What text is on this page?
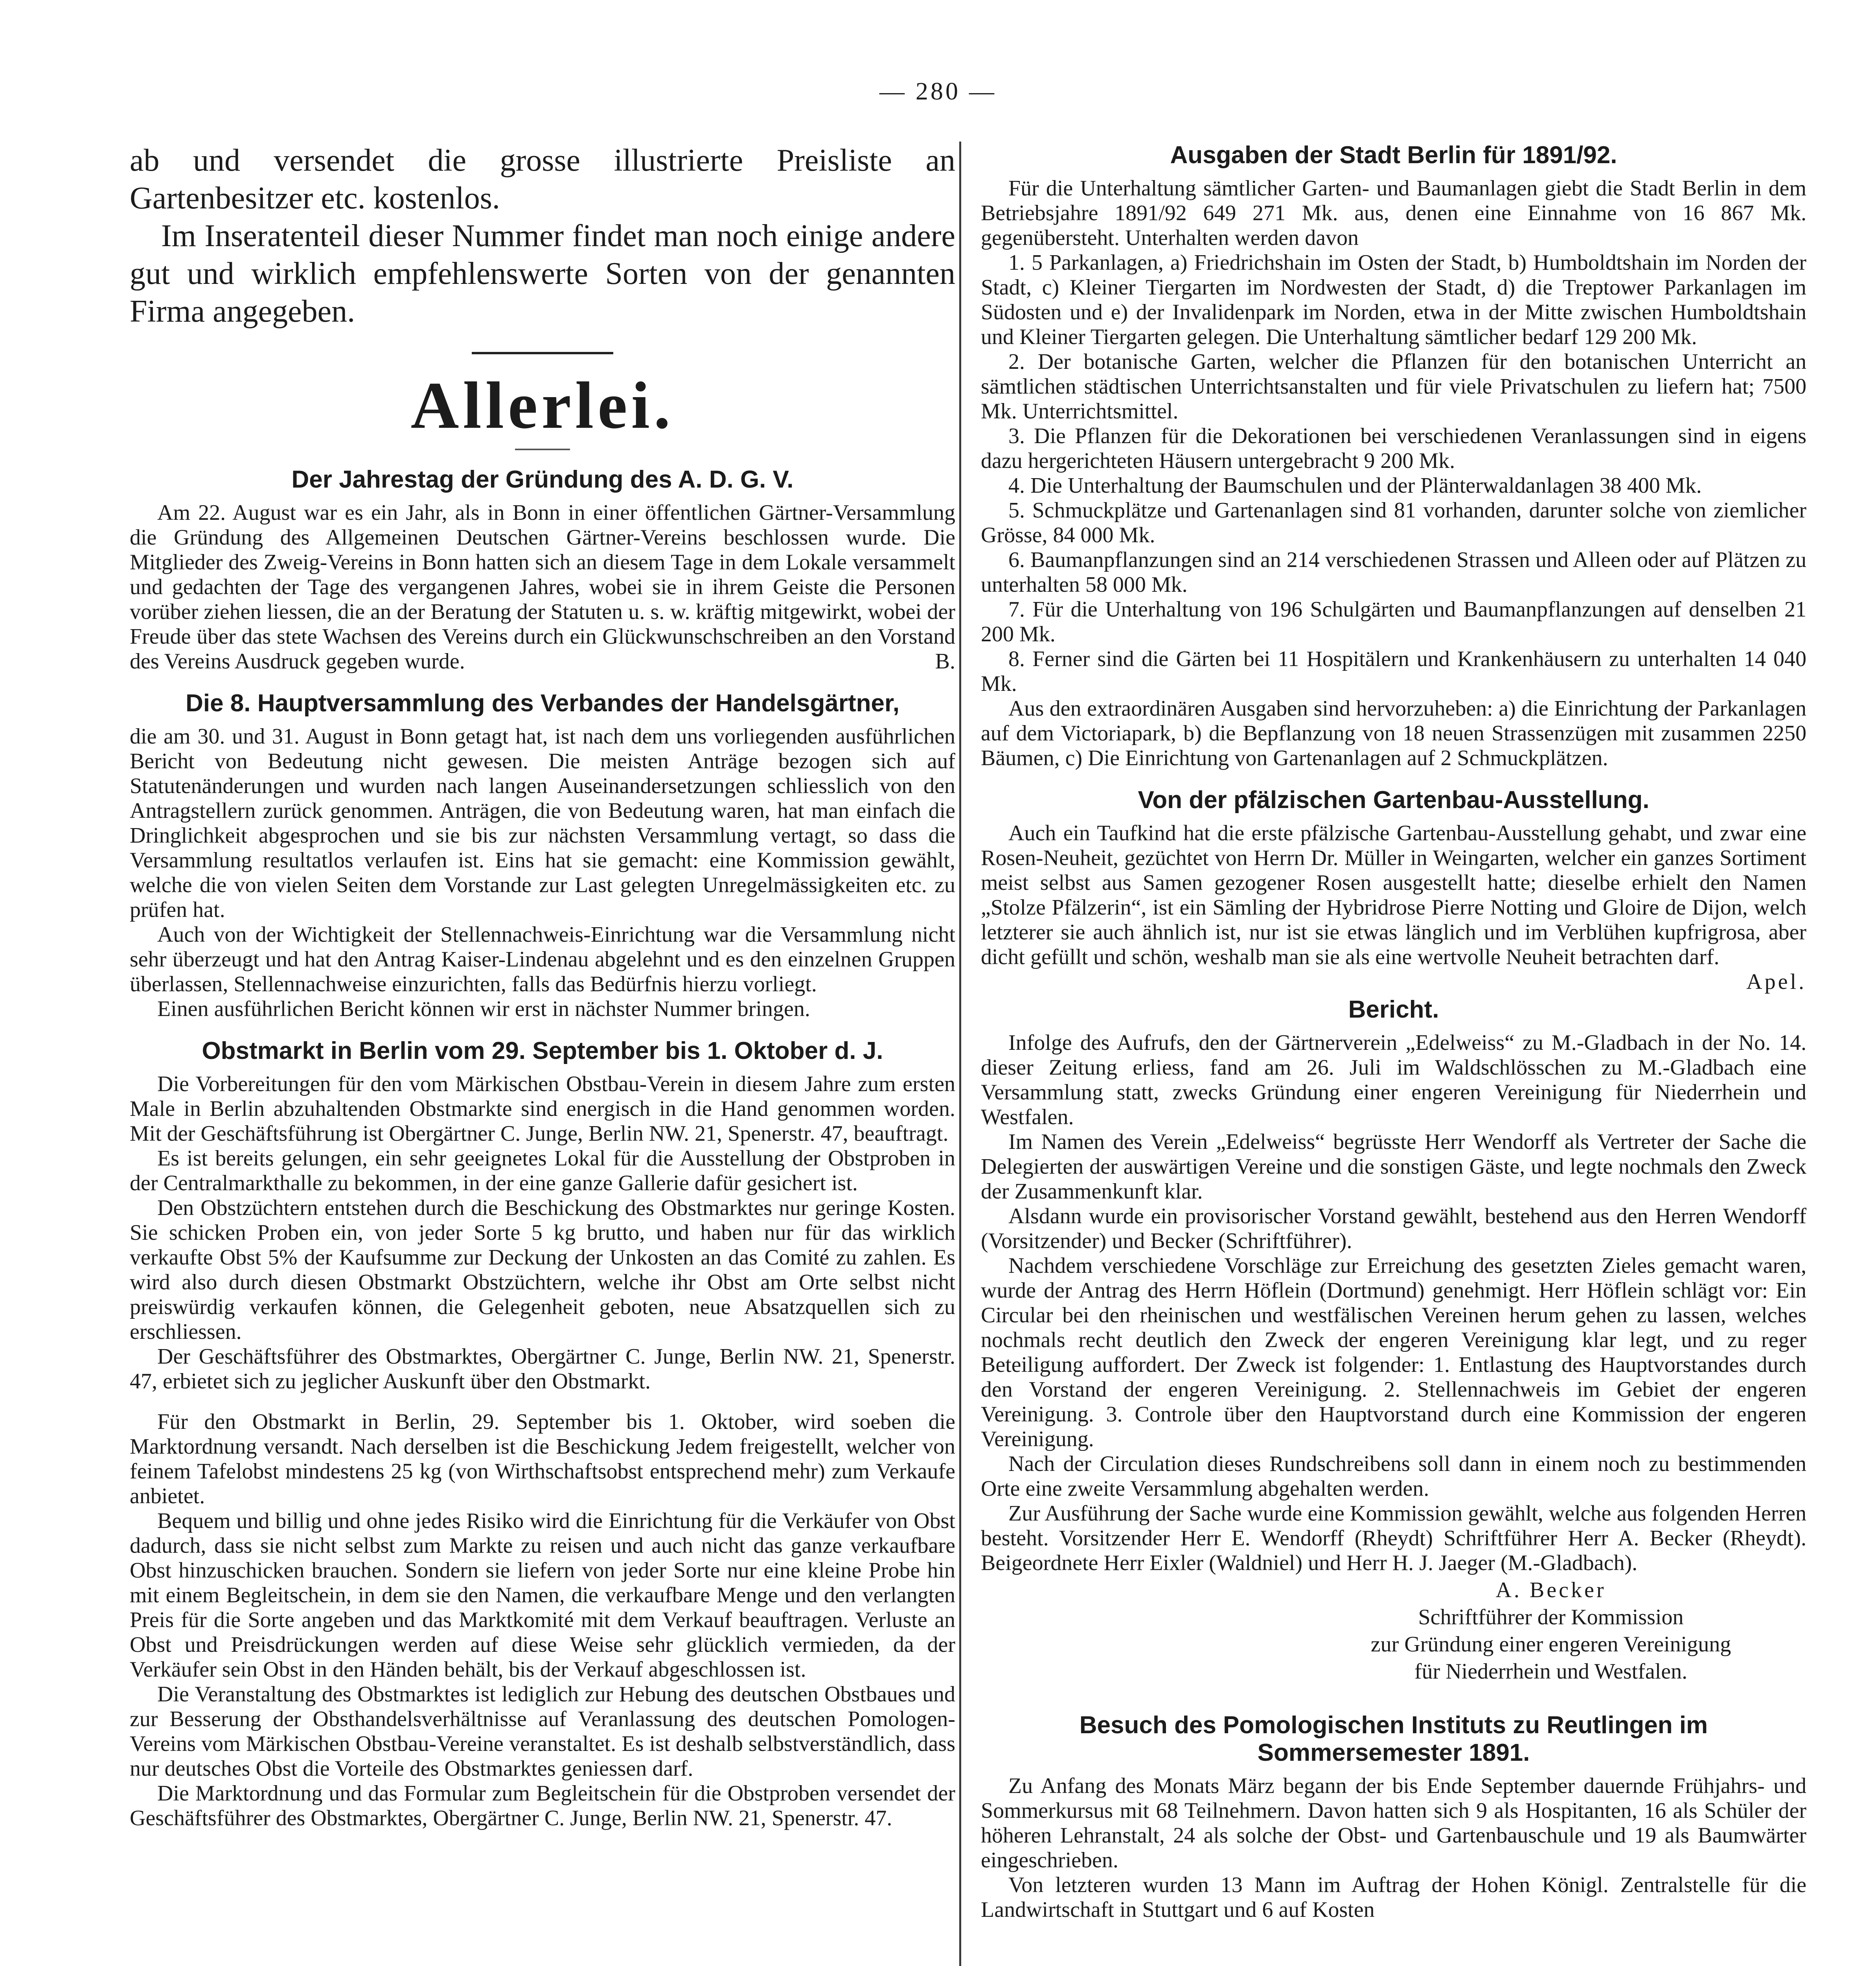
— 280 —

ab und versendet die grosse illustrierte Preisliste an Gartenbesitzer etc. kostenlos.

Im Inseratenteil dieser Nummer findet man noch einige andere gut und wirklich empfehlenswerte Sorten von der genannten Firma angegeben.

Allerlei.
Der Jahrestag der Gründung des A. D. G. V.

Am 22. August war es ein Jahr, als in Bonn in einer öffentlichen Gärtner-Versammlung die Gründung des Allgemeinen Deutschen Gärtner-Vereins beschlossen wurde. Die Mitglieder des Zweig-Vereins in Bonn hatten sich an diesem Tage in dem Lokale versammelt und gedachten der Tage des vergangenen Jahres, wobei sie in ihrem Geiste die Personen vorüber ziehen liessen, die an der Beratung der Statuten u. s. w. kräftig mitgewirkt, wobei der Freude über das stete Wachsen des Vereins durch ein Glückwunschschreiben an den Vorstand des Vereins Ausdruck gegeben wurde.	B.

Die 8. Hauptversammlung des Verbandes der Handelsgärtner,

die am 30. und 31. August in Bonn getagt hat, ist nach dem uns vorliegenden ausführlichen Bericht von Bedeutung nicht gewesen. Die meisten Anträge bezogen sich auf Statutenänderungen und wurden nach langen Auseinandersetzungen schliesslich von den Antragstellern zurück genommen. Anträgen, die von Bedeutung waren, hat man einfach die Dringlichkeit abgesprochen und sie bis zur nächsten Versammlung vertagt, so dass die Versammlung resultatlos verlaufen ist. Eins hat sie gemacht: eine Kommission gewählt, welche die von vielen Seiten dem Vorstande zur Last gelegten Unregelmässigkeiten etc. zu prüfen hat.

Auch von der Wichtigkeit der Stellennachweis-Einrichtung war die Versammlung nicht sehr überzeugt und hat den Antrag Kaiser-Lindenau abgelehnt und es den einzelnen Gruppen überlassen, Stellennachweise einzurichten, falls das Bedürfnis hierzu vorliegt.

Einen ausführlichen Bericht können wir erst in nächster Nummer bringen.

Obstmarkt in Berlin vom 29. September bis 1. Oktober d. J.

Die Vorbereitungen für den vom Märkischen Obstbau-Verein in diesem Jahre zum ersten Male in Berlin abzuhaltenden Obstmarkte sind energisch in die Hand genommen worden. Mit der Geschäftsführung ist Obergärtner C. Junge, Berlin NW. 21, Spenerstr. 47, beauftragt.

Es ist bereits gelungen, ein sehr geeignetes Lokal für die Ausstellung der Obstproben in der Centralmarkthalle zu bekommen, in der eine ganze Gallerie dafür gesichert ist.

Den Obstzüchtern entstehen durch die Beschickung des Obstmarktes nur geringe Kosten. Sie schicken Proben ein, von jeder Sorte 5 kg brutto, und haben nur für das wirklich verkaufte Obst 5% der Kaufsumme zur Deckung der Unkosten an das Comité zu zahlen. Es wird also durch diesen Obstmarkt Obstzüchtern, welche ihr Obst am Orte selbst nicht preiswürdig verkaufen können, die Gelegenheit geboten, neue Absatzquellen sich zu erschliessen.

Der Geschäftsführer des Obstmarktes, Obergärtner C. Junge, Berlin NW. 21, Spenerstr. 47, erbietet sich zu jeglicher Auskunft über den Obstmarkt.

Für den Obstmarkt in Berlin, 29. September bis 1. Oktober, wird soeben die Marktordnung versandt. Nach derselben ist die Beschickung Jedem freigestellt, welcher von feinem Tafelobst mindestens 25 kg (von Wirthschaftsobst entsprechend mehr) zum Verkaufe anbietet.

Bequem und billig und ohne jedes Risiko wird die Einrichtung für die Verkäufer von Obst dadurch, dass sie nicht selbst zum Markte zu reisen und auch nicht das ganze verkaufbare Obst hinzuschicken brauchen. Sondern sie liefern von jeder Sorte nur eine kleine Probe hin mit einem Begleitschein, in dem sie den Namen, die verkaufbare Menge und den verlangten Preis für die Sorte angeben und das Marktkomité mit dem Verkauf beauftragen. Verluste an Obst und Preisdrückungen werden auf diese Weise sehr glücklich vermieden, da der Verkäufer sein Obst in den Händen behält, bis der Verkauf abgeschlossen ist.

Die Veranstaltung des Obstmarktes ist lediglich zur Hebung des deutschen Obstbaues und zur Besserung der Obsthandelsverhältnisse auf Veranlassung des deutschen Pomologen-Vereins vom Märkischen Obstbau-Vereine veranstaltet. Es ist deshalb selbstverständlich, dass nur deutsches Obst die Vorteile des Obstmarktes geniessen darf.

Die Marktordnung und das Formular zum Begleitschein für die Obstproben versendet der Geschäftsführer des Obstmarktes, Obergärtner C. Junge, Berlin NW. 21, Spenerstr. 47.

Ausgaben der Stadt Berlin für 1891/92.

Für die Unterhaltung sämtlicher Garten- und Baumanlagen giebt die Stadt Berlin in dem Betriebsjahre 1891/92 649 271 Mk. aus, denen eine Einnahme von 16 867 Mk. gegenübersteht. Unterhalten werden davon

1. 5 Parkanlagen, a) Friedrichshain im Osten der Stadt, b) Humboldtshain im Norden der Stadt, c) Kleiner Tiergarten im Nordwesten der Stadt, d) die Treptower Parkanlagen im Südosten und e) der Invalidenpark im Norden, etwa in der Mitte zwischen Humboldtshain und Kleiner Tiergarten gelegen. Die Unterhaltung sämtlicher bedarf 129 200 Mk.

2. Der botanische Garten, welcher die Pflanzen für den botanischen Unterricht an sämtlichen städtischen Unterrichtsanstalten und für viele Privatschulen zu liefern hat; 7500 Mk. Unterrichtsmittel.

3. Die Pflanzen für die Dekorationen bei verschiedenen Veranlassungen sind in eigens dazu hergerichteten Häusern untergebracht 9 200 Mk.

4. Die Unterhaltung der Baumschulen und der Plänterwaldanlagen 38 400 Mk.

5. Schmuckplätze und Gartenanlagen sind 81 vorhanden, darunter solche von ziemlicher Grösse, 84 000 Mk.

6. Baumanpflanzungen sind an 214 verschiedenen Strassen und Alleen oder auf Plätzen zu unterhalten 58 000 Mk.

7. Für die Unterhaltung von 196 Schulgärten und Baumanpflanzungen auf denselben 21 200 Mk.

8. Ferner sind die Gärten bei 11 Hospitälern und Krankenhäusern zu unterhalten 14 040 Mk.

Aus den extraordinären Ausgaben sind hervorzuheben: a) die Einrichtung der Parkanlagen auf dem Victoriapark, b) die Bepflanzung von 18 neuen Strassenzügen mit zusammen 2250 Bäumen, c) Die Einrichtung von Gartenanlagen auf 2 Schmuckplätzen.

Von der pfälzischen Gartenbau-Ausstellung.

Auch ein Taufkind hat die erste pfälzische Gartenbau-Ausstellung gehabt, und zwar eine Rosen-Neuheit, gezüchtet von Herrn Dr. Müller in Weingarten, welcher ein ganzes Sortiment meist selbst aus Samen gezogener Rosen ausgestellt hatte; dieselbe erhielt den Namen „Stolze Pfälzerin“, ist ein Sämling der Hybridrose Pierre Notting und Gloire de Dijon, welch letzterer sie auch ähnlich ist, nur ist sie etwas länglich und im Verblühen kupfrigrosa, aber dicht gefüllt und schön, weshalb man sie als eine wertvolle Neuheit betrachten darf.

Apel.

Bericht.

Infolge des Aufrufs, den der Gärtnerverein „Edelweiss“ zu M.-Gladbach in der No. 14. dieser Zeitung erliess, fand am 26. Juli im Waldschlösschen zu M.-Gladbach eine Versammlung statt, zwecks Gründung einer engeren Vereinigung für Niederrhein und Westfalen.

Im Namen des Verein „Edelweiss“ begrüsste Herr Wendorff als Vertreter der Sache die Delegierten der auswärtigen Vereine und die sonstigen Gäste, und legte nochmals den Zweck der Zusammenkunft klar.

Alsdann wurde ein provisorischer Vorstand gewählt, bestehend aus den Herren Wendorff (Vorsitzender) und Becker (Schriftführer).

Nachdem verschiedene Vorschläge zur Erreichung des gesetzten Zieles gemacht waren, wurde der Antrag des Herrn Höflein (Dortmund) genehmigt. Herr Höflein schlägt vor: Ein Circular bei den rheinischen und westfälischen Vereinen herum gehen zu lassen, welches nochmals recht deutlich den Zweck der engeren Vereinigung klar legt, und zu reger Beteiligung auffordert. Der Zweck ist folgender: 1. Entlastung des Hauptvorstandes durch den Vorstand der engeren Vereinigung. 2. Stellennachweis im Gebiet der engeren Vereinigung. 3. Controle über den Hauptvorstand durch eine Kommission der engeren Vereinigung.

Nach der Circulation dieses Rundschreibens soll dann in einem noch zu bestimmenden Orte eine zweite Versammlung abgehalten werden.

Zur Ausführung der Sache wurde eine Kommission gewählt, welche aus folgenden Herren besteht. Vorsitzender Herr E. Wendorff (Rheydt) Schriftführer Herr A. Becker (Rheydt). Beigeordnete Herr Eixler (Waldniel) und Herr H. J. Jaeger (M.-Gladbach).

A. Becker

Schriftführer der Kommission

zur Gründung einer engeren Vereinigung

für Niederrhein und Westfalen.

Besuch des Pomologischen Instituts zu Reutlingen im Sommersemester 1891.

Zu Anfang des Monats März begann der bis Ende September dauernde Frühjahrs- und Sommerkursus mit 68 Teilnehmern. Davon hatten sich 9 als Hospitanten, 16 als Schüler der höheren Lehranstalt, 24 als solche der Obst- und Gartenbauschule und 19 als Baumwärter eingeschrieben.

Von letzteren wurden 13 Mann im Auftrag der Hohen Königl. Zentralstelle für die Landwirtschaft in Stuttgart und 6 auf Kosten
